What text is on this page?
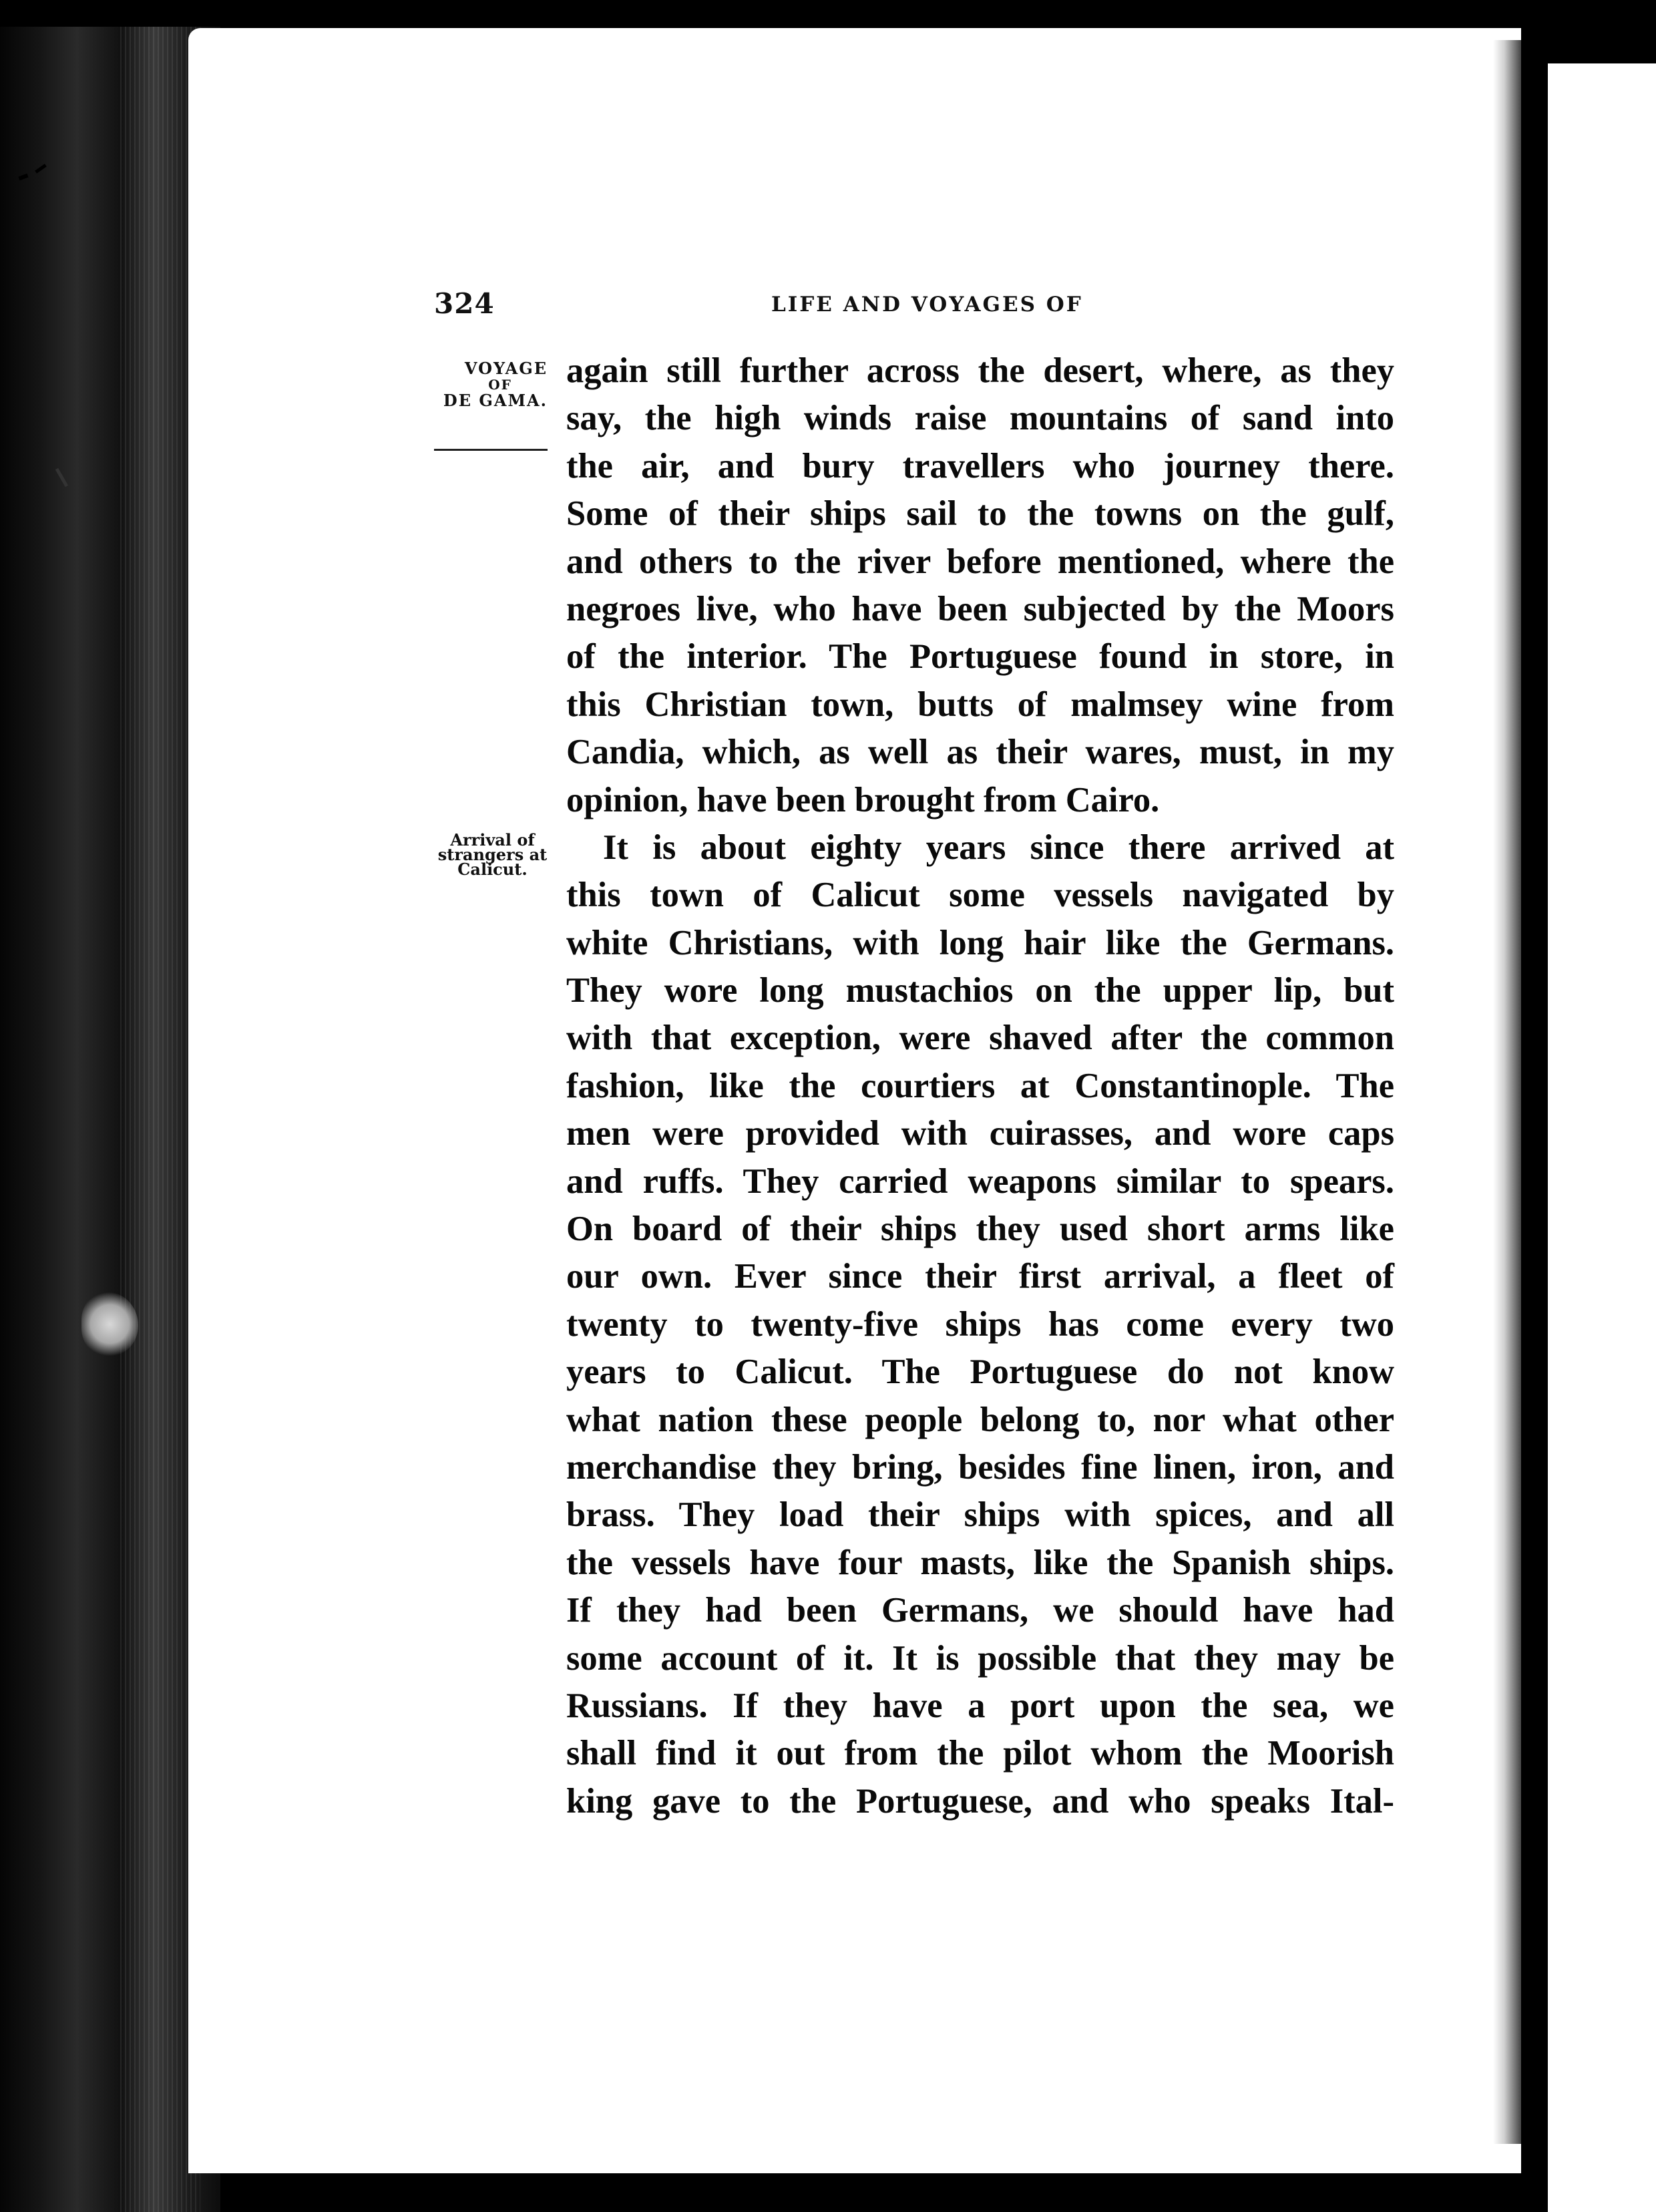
324	LIFE AND VOYAGES OF
VOYAGE
OF
DE GAMA.
Arrival of
strangers at
Calicut.
again still further across the desert, where, as they
say, the high winds raise mountains of sand into
the air, and bury travellers who journey there.
Some of their ships sail to the towns on the gulf,
and others to the river before mentioned, where the
negroes live, who have been subjected by the Moors
of the interior. The Portuguese found in store, in
this Christian town, butts of malmsey wine from
Candia, which, as well as their wares, must, in my
opinion, have been brought from Cairo.
It is about eighty years since there arrived at
this town of Calicut some vessels navigated by
white Christians, with long hair like the Germans.
They wore long mustachios on the upper lip, but
with that exception, were shaved after the common
fashion, like the courtiers at Constantinople. The
men were provided with cuirasses, and wore caps
and ruffs. They carried weapons similar to spears.
On board of their ships they used short arms like
our own. Ever since their first arrival, a fleet of
twenty to twenty-five ships has come every two
years to Calicut. The Portuguese do not know
what nation these people belong to, nor what other
merchandise they bring, besides fine linen, iron, and
brass. They load their ships with spices, and all
the vessels have four masts, like the Spanish ships.
If they had been Germans, we should have had
some account of it. It is possible that they may be
Russians. If they have a port upon the sea, we
shall find it out from the pilot whom the Moorish
king gave to the Portuguese, and who speaks Ital-
